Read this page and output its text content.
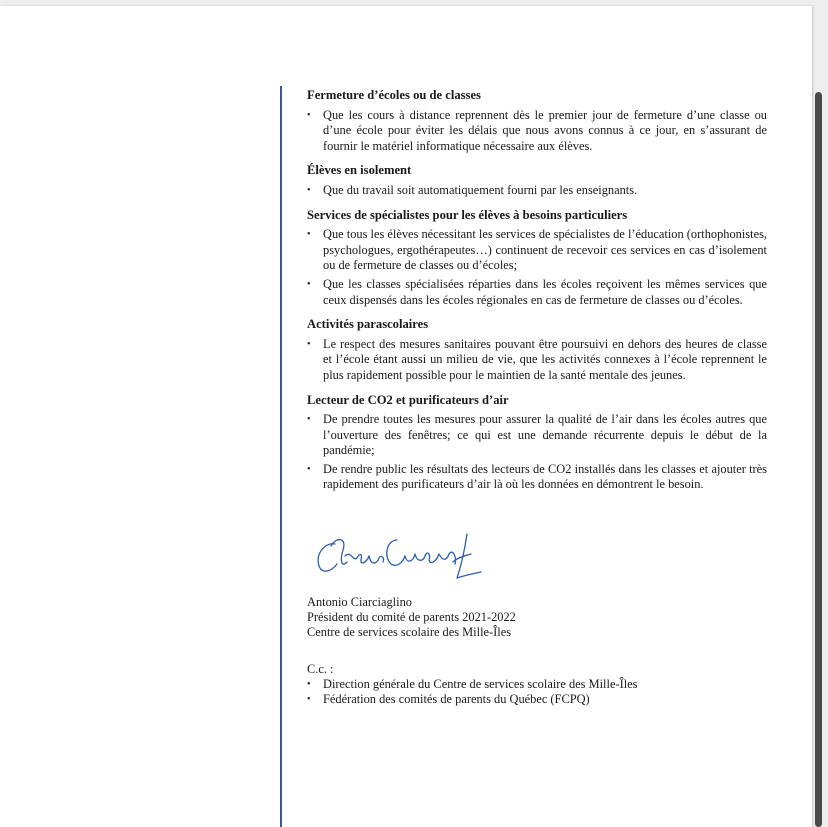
Fermeture d’écoles ou de classes
• Que les cours à distance reprennent dès le premier jour de fermeture d’une classe ou d’une école pour éviter les délais que nous avons connus à ce jour, en s’assurant de fournir le matériel informatique nécessaire aux élèves.
Élèves en isolement
• Que du travail soit automatiquement fourni par les enseignants.
Services de spécialistes pour les élèves à besoins particuliers
• Que tous les élèves nécessitant les services de spécialistes de l’éducation (orthophonistes, psychologues, ergothérapeutes…) continuent de recevoir ces services en cas d’isolement ou de fermeture de classes ou d’écoles;
• Que les classes spécialisées réparties dans les écoles reçoivent les mêmes services que ceux dispensés dans les écoles régionales en cas de fermeture de classes ou d’écoles.
Activités parascolaires
• Le respect des mesures sanitaires pouvant être poursuivi en dehors des heures de classe et l’école étant aussi un milieu de vie, que les activités connexes à l’école reprennent le plus rapidement possible pour le maintien de la santé mentale des jeunes.
Lecteur de CO2 et purificateurs d’air
• De prendre toutes les mesures pour assurer la qualité de l’air dans les écoles autres que l’ouverture des fenêtres; ce qui est une demande récurrente depuis le début de la pandémie;
• De rendre public les résultats des lecteurs de CO2 installés dans les classes et ajouter très rapidement des purificateurs d’air là où les données en démontrent le besoin.
Antonio Ciarciaglino
Président du comité de parents 2021-2022
Centre de services scolaire des Mille-Îles
C.c. :
• Direction générale du Centre de services scolaire des Mille-Îles
• Fédération des comités de parents du Québec (FCPQ)
